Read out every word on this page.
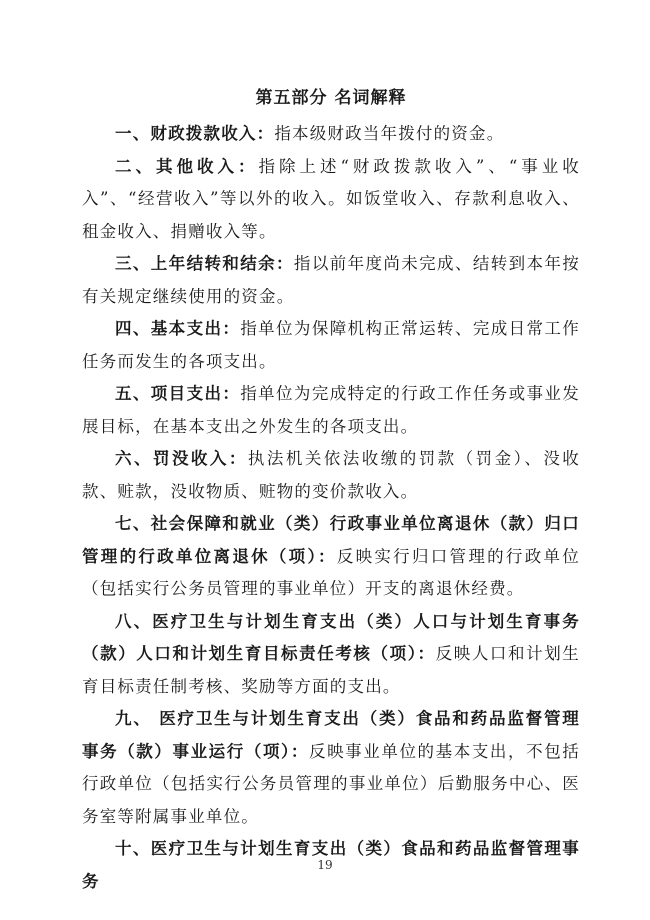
第五部分 名词解释

一、财政拨款收入：指本级财政当年拨付的资金。

二、其他收入：指除上述“财政拨款收入”、“事业收入”、“经营收入”等以外的收入。如饭堂收入、存款利息收入、租金收入、捐赠收入等。

三、上年结转和结余：指以前年度尚未完成、结转到本年按有关规定继续使用的资金。

四、基本支出：指单位为保障机构正常运转、完成日常工作任务而发生的各项支出。

五、项目支出：指单位为完成特定的行政工作任务或事业发展目标，在基本支出之外发生的各项支出。

六、罚没收入：执法机关依法收缴的罚款（罚金）、没收款、赃款，没收物质、赃物的变价款收入。

七、社会保障和就业（类）行政事业单位离退休（款）归口管理的行政单位离退休（项）：反映实行归口管理的行政单位（包括实行公务员管理的事业单位）开支的离退休经费。

八、医疗卫生与计划生育支出（类）人口与计划生育事务（款）人口和计划生育目标责任考核（项）：反映人口和计划生育目标责任制考核、奖励等方面的支出。

九、 医疗卫生与计划生育支出（类）食品和药品监督管理事务（款）事业运行（项）：反映事业单位的基本支出，不包括行政单位（包括实行公务员管理的事业单位）后勤服务中心、医务室等附属事业单位。

十、医疗卫生与计划生育支出（类）食品和药品监督管理事务

19
